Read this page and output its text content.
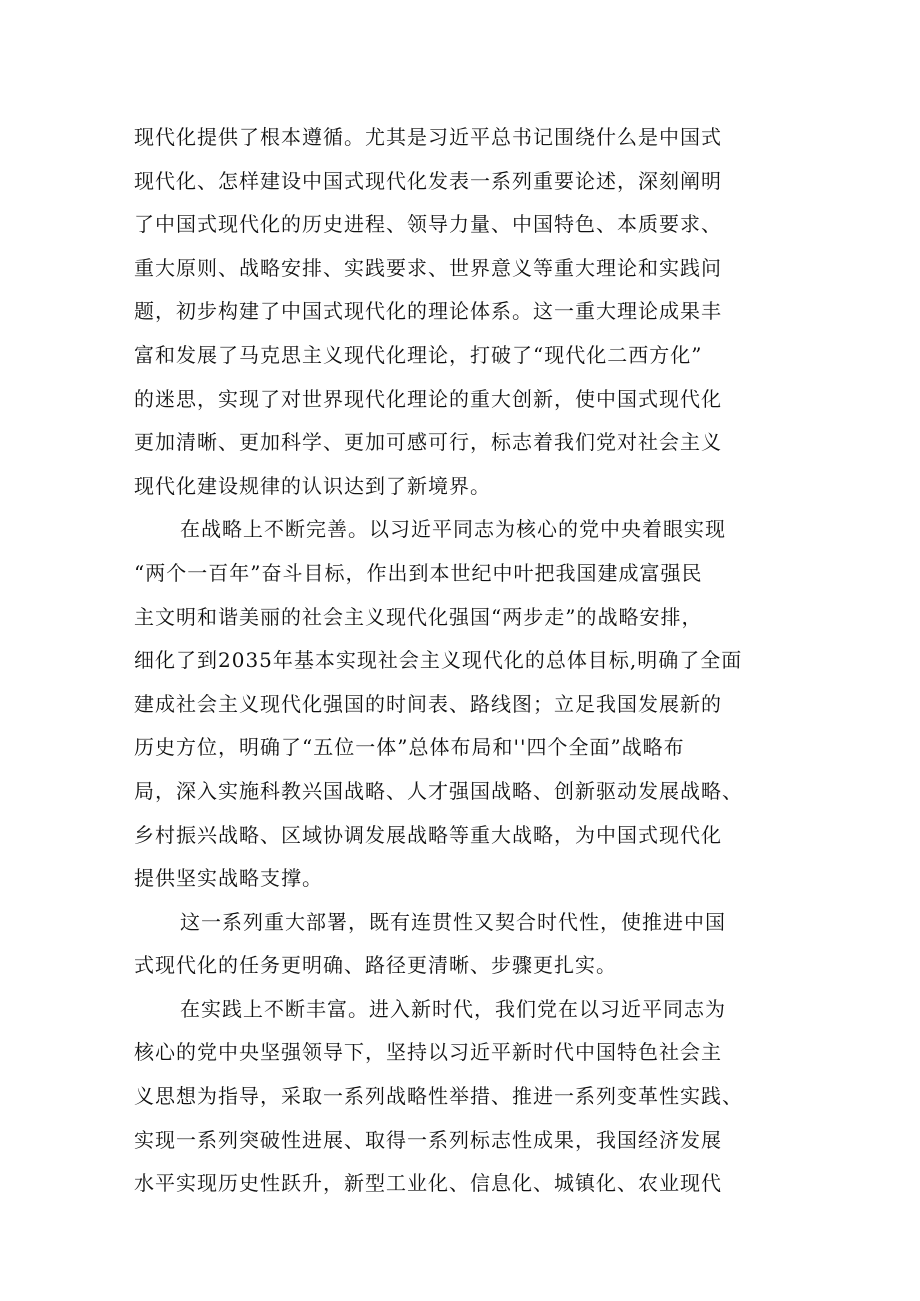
现代化提供了根本遵循。尤其是习近平总书记围绕什么是中国式
现代化、怎样建设中国式现代化发表一系列重要论述，深刻阐明
了中国式现代化的历史进程、领导力量、中国特色、本质要求、
重大原则、战略安排、实践要求、世界意义等重大理论和实践问
题，初步构建了中国式现代化的理论体系。这一重大理论成果丰
富和发展了马克思主义现代化理论，打破了“现代化二西方化”
的迷思，实现了对世界现代化理论的重大创新，使中国式现代化
更加清晰、更加科学、更加可感可行，标志着我们党对社会主义
现代化建设规律的认识达到了新境界。
在战略上不断完善。以习近平同志为核心的党中央着眼实现
“两个一百年”奋斗目标，作出到本世纪中叶把我国建成富强民
主文明和谐美丽的社会主义现代化强国“两步走”的战略安排，
细化了到2035年基本实现社会主义现代化的总体目标,明确了全面
建成社会主义现代化强国的时间表、路线图；立足我国发展新的
历史方位，明确了“五位一体”总体布局和''四个全面”战略布
局，深入实施科教兴国战略、人才强国战略、创新驱动发展战略、
乡村振兴战略、区域协调发展战略等重大战略，为中国式现代化
提供坚实战略支撑。
这一系列重大部署，既有连贯性又契合时代性，使推进中国
式现代化的任务更明确、路径更清晰、步骤更扎实。
在实践上不断丰富。进入新时代，我们党在以习近平同志为
核心的党中央坚强领导下，坚持以习近平新时代中国特色社会主
义思想为指导，采取一系列战略性举措、推进一系列变革性实践、
实现一系列突破性进展、取得一系列标志性成果，我国经济发展
水平实现历史性跃升，新型工业化、信息化、城镇化、农业现代
